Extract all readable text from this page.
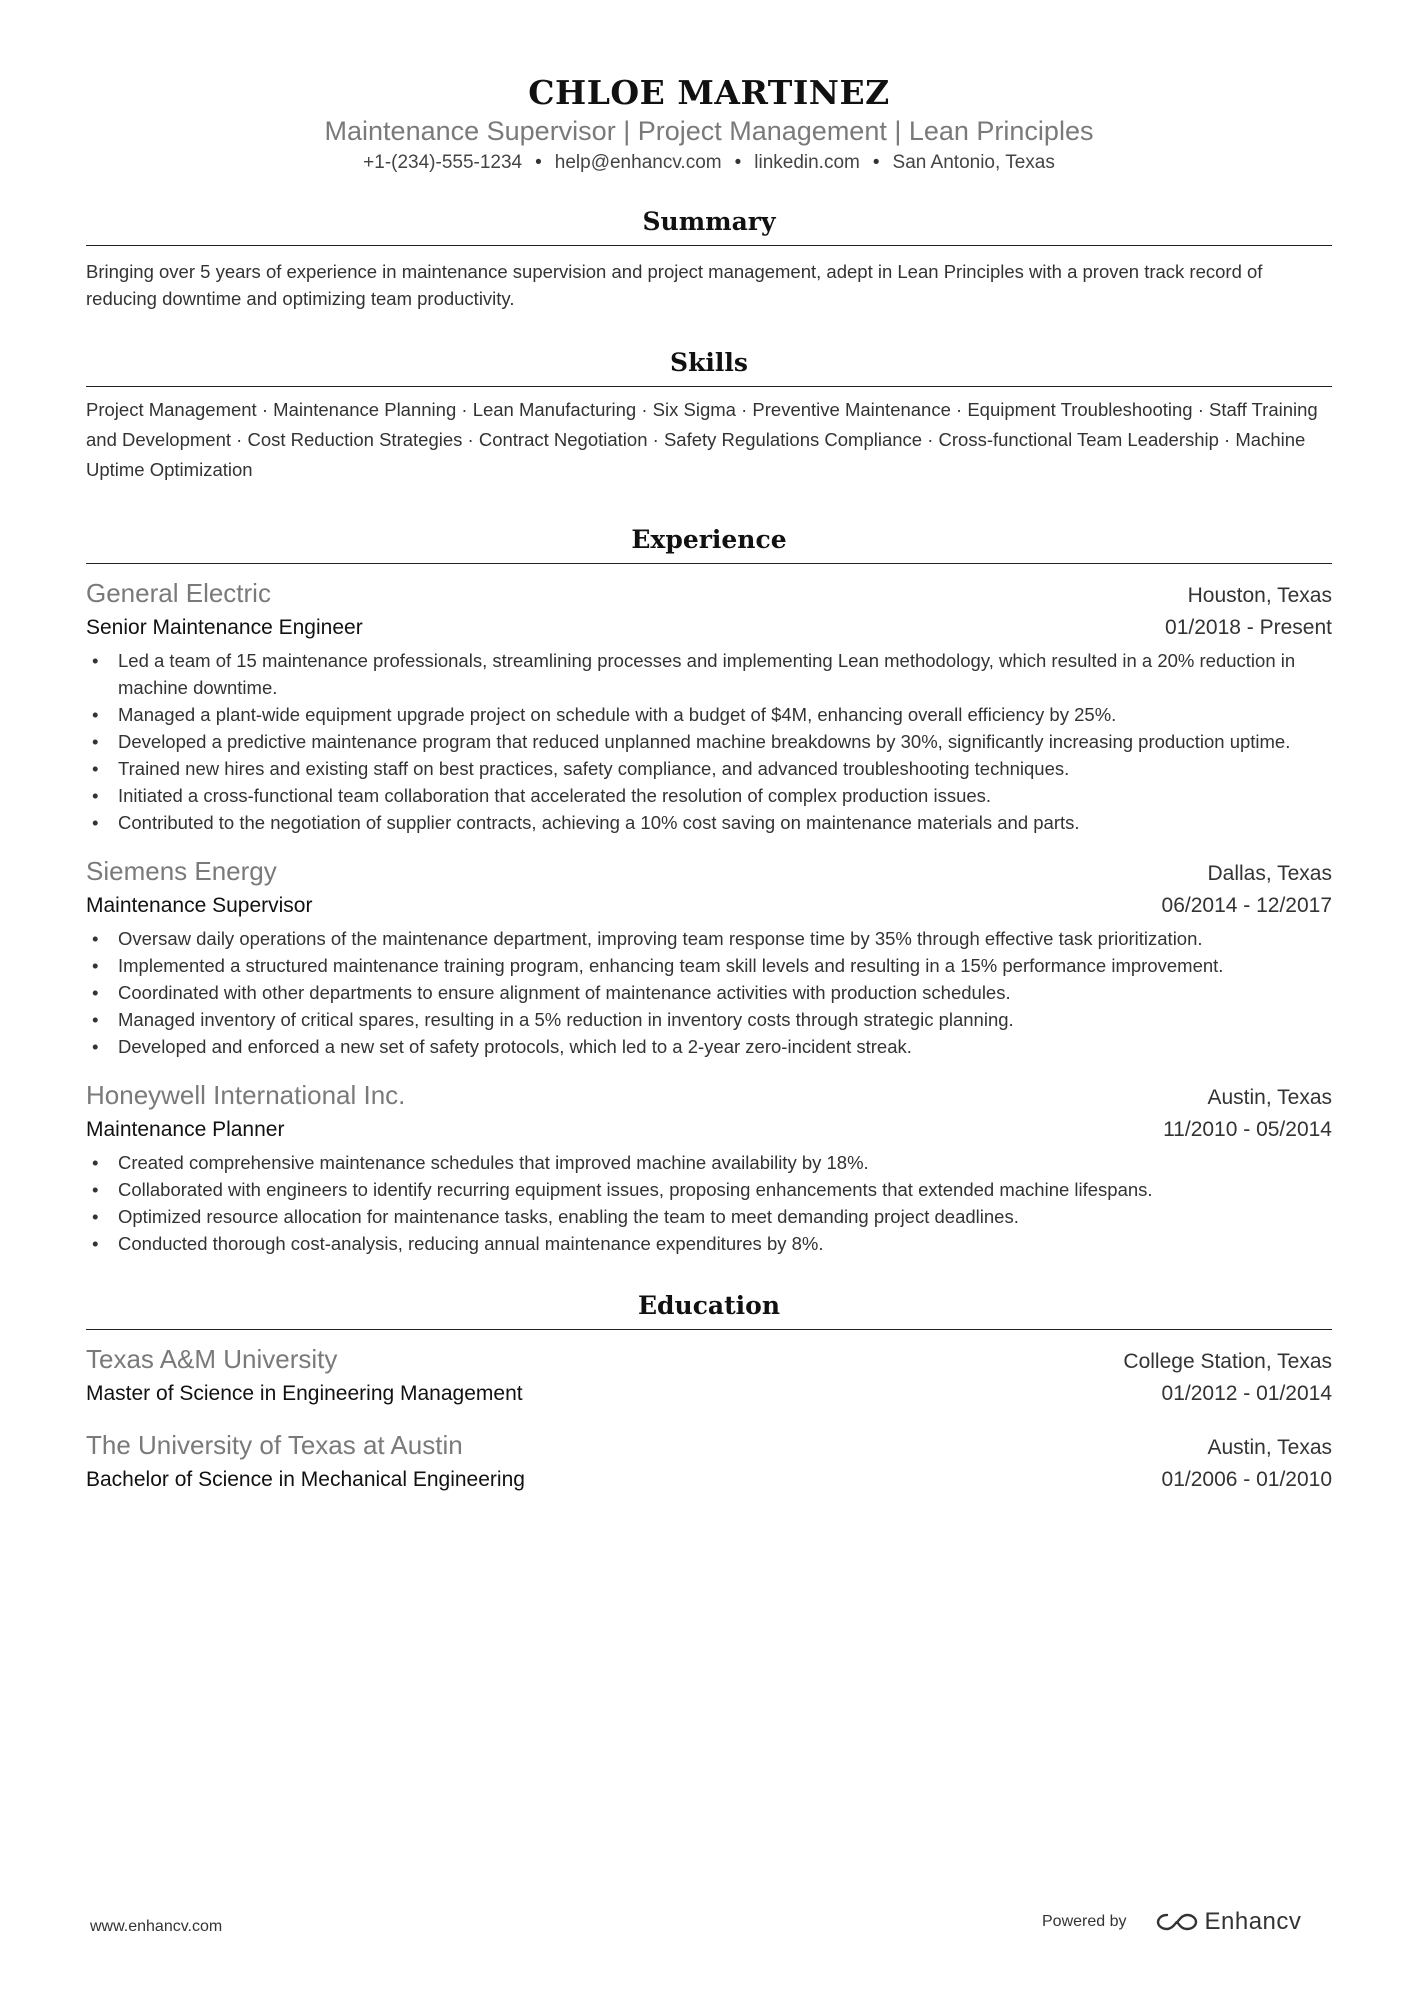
CHLOE MARTINEZ
Maintenance Supervisor | Project Management | Lean Principles
+1-(234)-555-1234 • help@enhancv.com • linkedin.com • San Antonio, Texas
Summary
Bringing over 5 years of experience in maintenance supervision and project management, adept in Lean Principles with a proven track record of reducing downtime and optimizing team productivity.
Skills
Project Management · Maintenance Planning · Lean Manufacturing · Six Sigma · Preventive Maintenance · Equipment Troubleshooting · Staff Training and Development · Cost Reduction Strategies · Contract Negotiation · Safety Regulations Compliance · Cross-functional Team Leadership · Machine Uptime Optimization
Experience
General Electric	Houston, Texas
Senior Maintenance Engineer	01/2018 - Present
• Led a team of 15 maintenance professionals, streamlining processes and implementing Lean methodology, which resulted in a 20% reduction in machine downtime.
• Managed a plant-wide equipment upgrade project on schedule with a budget of $4M, enhancing overall efficiency by 25%.
• Developed a predictive maintenance program that reduced unplanned machine breakdowns by 30%, significantly increasing production uptime.
• Trained new hires and existing staff on best practices, safety compliance, and advanced troubleshooting techniques.
• Initiated a cross-functional team collaboration that accelerated the resolution of complex production issues.
• Contributed to the negotiation of supplier contracts, achieving a 10% cost saving on maintenance materials and parts.
Siemens Energy	Dallas, Texas
Maintenance Supervisor	06/2014 - 12/2017
• Oversaw daily operations of the maintenance department, improving team response time by 35% through effective task prioritization.
• Implemented a structured maintenance training program, enhancing team skill levels and resulting in a 15% performance improvement.
• Coordinated with other departments to ensure alignment of maintenance activities with production schedules.
• Managed inventory of critical spares, resulting in a 5% reduction in inventory costs through strategic planning.
• Developed and enforced a new set of safety protocols, which led to a 2-year zero-incident streak.
Honeywell International Inc.	Austin, Texas
Maintenance Planner	11/2010 - 05/2014
• Created comprehensive maintenance schedules that improved machine availability by 18%.
• Collaborated with engineers to identify recurring equipment issues, proposing enhancements that extended machine lifespans.
• Optimized resource allocation for maintenance tasks, enabling the team to meet demanding project deadlines.
• Conducted thorough cost-analysis, reducing annual maintenance expenditures by 8%.
Education
Texas A&M University	College Station, Texas
Master of Science in Engineering Management	01/2012 - 01/2014
The University of Texas at Austin	Austin, Texas
Bachelor of Science in Mechanical Engineering	01/2006 - 01/2010
www.enhancv.com	Powered by	Enhancv
